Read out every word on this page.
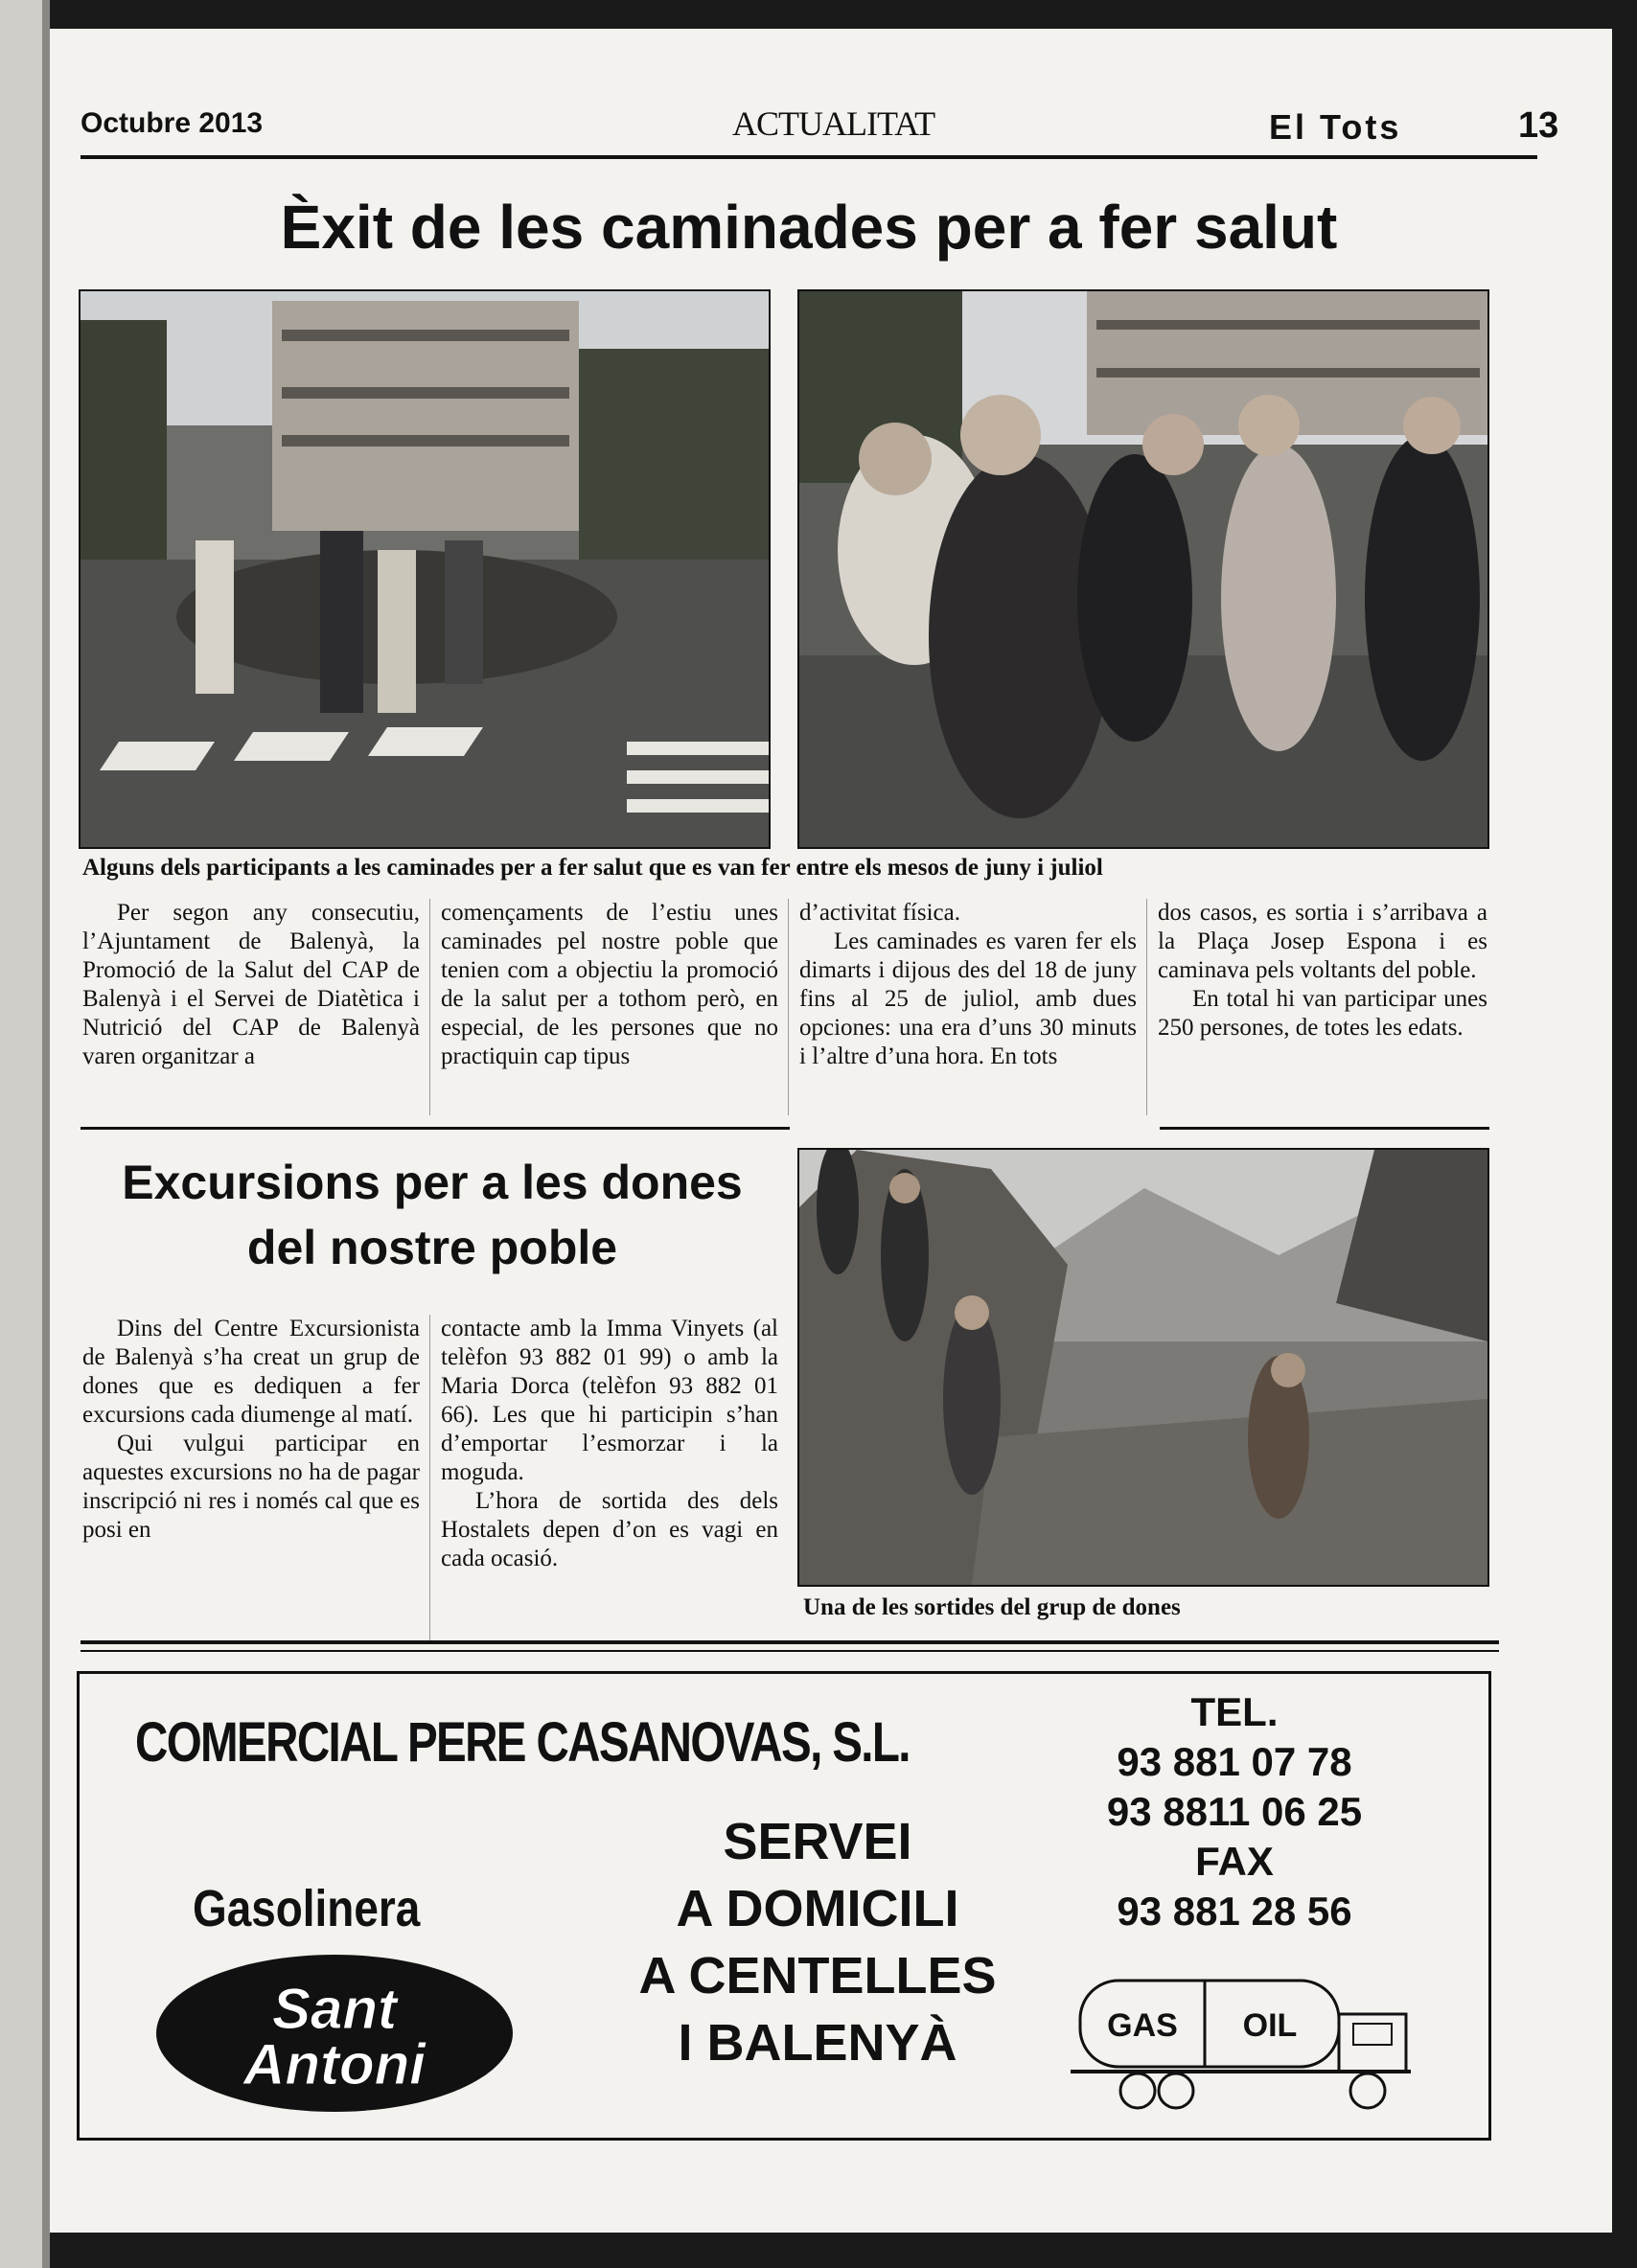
Octubre 2013	ACTUALITAT	El Tots	13
Èxit de les caminades per a fer salut
Alguns dels participants a les caminades per a fer salut que es van fer entre els mesos de juny i juliol

Per segon any consecutiu, l’Ajuntament de Balenyà, la Promoció de la Salut del CAP de Balenyà i el Servei de Diatètica i Nutrició del CAP de Balenyà varen organitzar a

començaments de l’estiu unes caminades pel nostre poble que tenien com a objectiu la promoció de la salut per a tothom però, en especial, de les persones que no practiquin cap tipus

d’activitat física.

Les caminades es varen fer els dimarts i dijous des del 18 de juny fins al 25 de juliol, amb dues opciones: una era d’uns 30 minuts i l’altre d’una hora. En tots

dos casos, es sortia i s’arribava a la Plaça Josep Espona i es caminava pels voltants del poble.

En total hi van participar unes 250 persones, de totes les edats.

Excursions per a les dones
del nostre poble

Dins del Centre Excursionista de Balenyà s’ha creat un grup de dones que es dediquen a fer excursions cada diumenge al matí.

Qui vulgui participar en aquestes excursions no ha de pagar inscripció ni res i només cal que es posi en

contacte amb la Imma Vinyets (al telèfon 93 882 01 99) o amb la Maria Dorca (telèfon 93 882 01 66). Les que hi participin s’han d’emportar l’esmorzar i la moguda.

L’hora de sortida des dels Hostalets depen d’on es vagi en cada ocasió.

Una de les sortides del grup de dones
COMERCIAL PERE CASANOVAS, S.L.
Gasolinera
Sant
Antoni
SERVEI
A DOMICILI
A CENTELLES
I BALENYÀ
TEL.
93 881 07 78
93 8811 06 25
FAX
93 881 28 56
GAS OIL
